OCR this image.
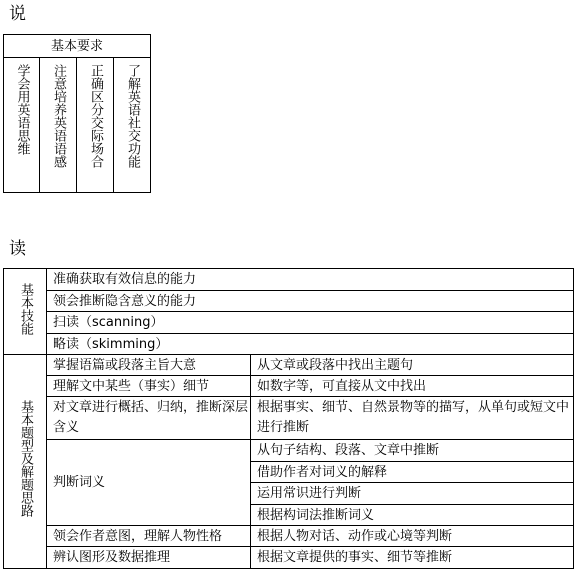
说
基本要求

学会用英语思维	注意培养英语语感	正确区分交际场合	了解英语社交功能
读
基本技能	准确获取有效信息的能力	
	领会推断隐含意义的能力	
	扫读（scanning）	
	略读（skimming）	
基本题型及解题思路	掌握语篇或段落主旨大意	从文章或段落中找出主题句
	理解文中某些（事实）细节	如数字等，可直接从文中找出
	对文章进行概括、归纳，推断深层含义	根据事实、细节、自然景物等的描写，从单句或短文中进行推断
	判断词义	从句子结构、段落、文章中推断
		借助作者对词义的解释
		运用常识进行判断
		根据构词法推断词义
	领会作者意图，理解人物性格	根据人物对话、动作或心境等判断
	辨认图形及数据推理	根据文章提供的事实、细节等推断
